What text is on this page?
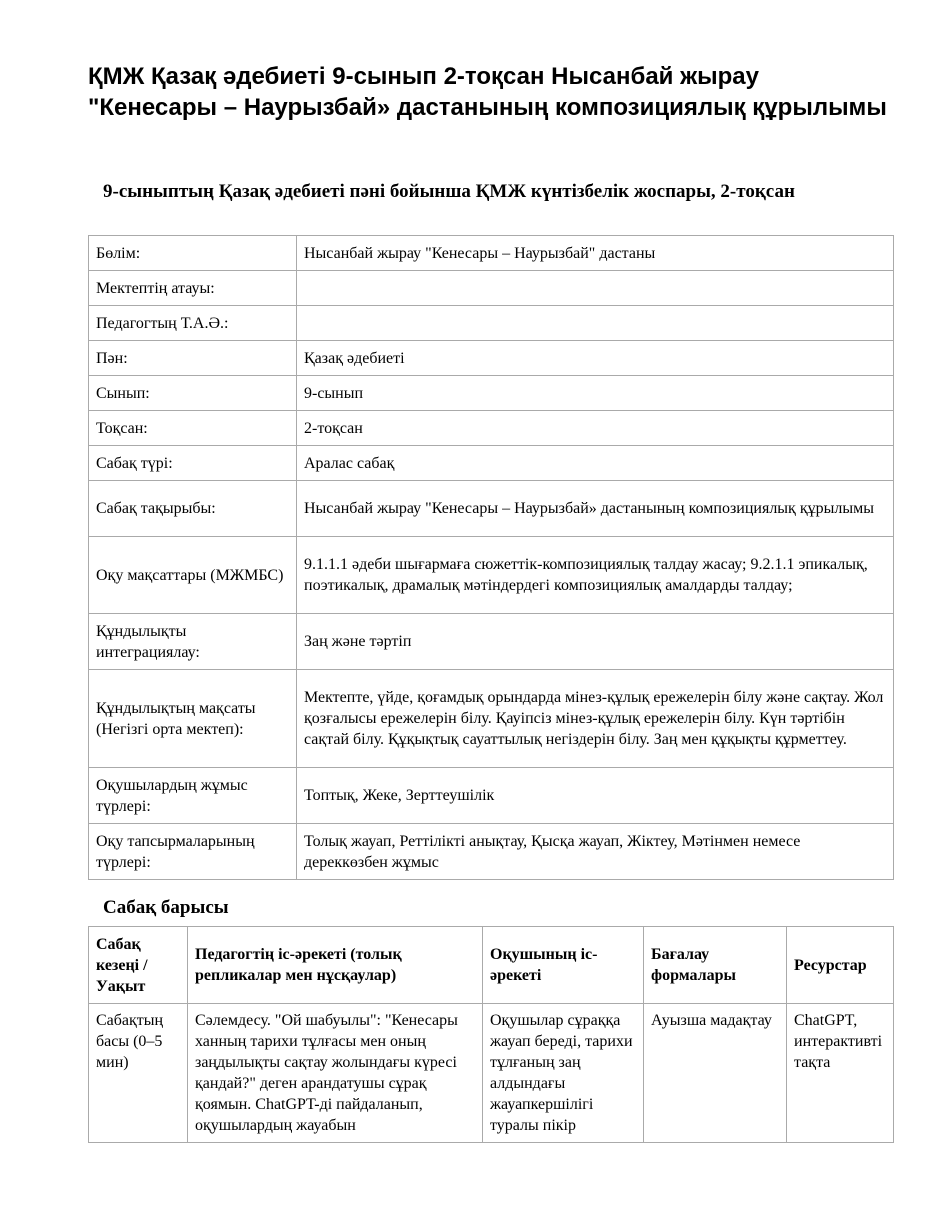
ҚМЖ Қазақ әдебиеті 9-сынып 2-тоқсан Нысанбай жырау "Кенесары – Наурызбай» дастанының композициялық құрылымы
9-сыныптың Қазақ әдебиеті пәні бойынша ҚМЖ күнтізбелік жоспары, 2-тоқсан
Бөлім:	Нысанбай жырау "Кенесары – Наурызбай" дастаны
Мектептің атауы:	
Педагогтың Т.А.Ә.:	
Пән:	Қазақ әдебиеті
Сынып:	9-сынып
Тоқсан:	2-тоқсан
Сабақ түрі:	Аралас сабақ
Сабақ тақырыбы:	Нысанбай жырау "Кенесары – Наурызбай» дастанының композициялық құрылымы
Оқу мақсаттары (МЖМБС)	9.1.1.1 әдеби шығармаға сюжеттік-композициялық талдау жасау; 9.2.1.1 эпикалық, поэтикалық, драмалық мәтіндердегі композициялық амалдарды талдау;
Құндылықты интеграциялау:	Заң және тәртіп
Құндылықтың мақсаты (Негізгі орта мектеп):	Мектепте, үйде, қоғамдық орындарда мінез-құлық ережелерін білу және сақтау. Жол қозғалысы ережелерін білу. Қауіпсіз мінез-құлық ережелерін білу. Күн тәртібін сақтай білу. Құқықтық сауаттылық негіздерін білу. Заң мен құқықты құрметтеу.
Оқушылардың жұмыс түрлері:	Топтық, Жеке, Зерттеушілік
Оқу тапсырмаларының түрлері:	Толық жауап, Реттілікті анықтау, Қысқа жауап, Жіктеу, Мәтінмен немесе дереккөзбен жұмыс
Сабақ барысы
Сабақ кезеңі / Уақыт	Педагогтің іс-әрекеті (толық репликалар мен нұсқаулар)	Оқушының іс-әрекеті	Бағалау формалары	Ресурстар
Сабақтың басы (0–5 мин)	Сәлемдесу. "Ой шабуылы": "Кенесары ханның тарихи тұлғасы мен оның заңдылықты сақтау жолындағы күресі қандай?" деген арандатушы сұрақ қоямын. ChatGPT-ді пайдаланып, оқушылардың жауабын	Оқушылар сұраққа жауап береді, тарихи тұлғаның заң алдындағы жауапкершілігі туралы пікір	Ауызша мадақтау	ChatGPT, интерактивті тақта
